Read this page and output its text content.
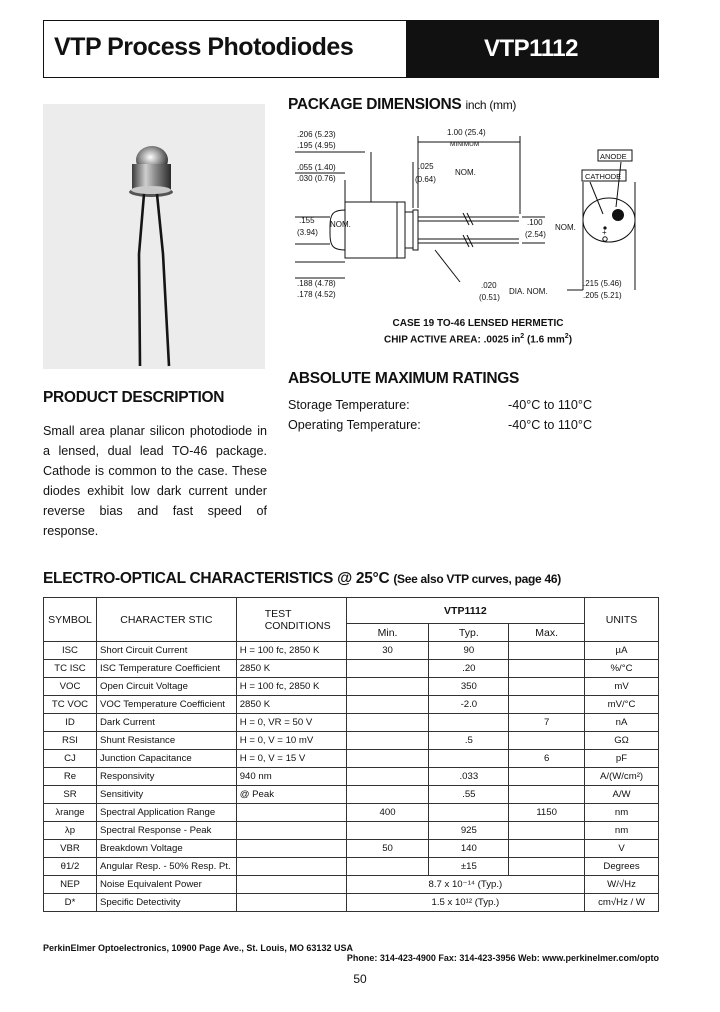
VTP Process Photodiodes	VTP1112
PACKAGE DIMENSIONS inch (mm)
.206 (5.23)
.195 (4.95)
1.00 (25.4)
MINIMUM
.055 (1.40)
.030 (0.76)
.025
(0.64)
NOM.
.155
(3.94)
NOM.	.100
(2.54)
NOM.
.188 (4.78)
.178 (4.52)
.020
(0.51)
DIA. NOM.
.215 (5.46)
.205 (5.21)
ANODE
CATHODE
+
CASE 19 TO-46 LENSED HERMETIC
CHIP ACTIVE AREA: .0025 $in^2$ (1.6 $mm^2$)
ABSOLUTE MAXIMUM RATINGS
Storage Temperature:	-40°C to 110°C
Operating Temperature:	-40°C to 110°C
PRODUCT DESCRIPTION
Small area planar silicon photodiode in a lensed, dual lead TO-46 package. Cathode is common to the case. These diodes exhibit low dark current under reverse bias and fast speed of response.
ELECTRO-OPTICAL CHARACTERISTICS @ 25°C (See also VTP curves, page 46)
SYMBOL	CHARACTER STIC	TEST CONDITIONS	VTP1112			UNITS
			Min.	Typ.	Max.	
ISC	Short Circuit Current	H = 100 fc, 2850 K	30	90		µA
TC ISC	ISC Temperature Coefficient	2850 K		.20		%/°C
VOC	Open Circuit Voltage	H = 100 fc, 2850 K		350		mV
TC VOC	VOC Temperature Coefficient	2850 K		-2.0		mV/°C
ID	Dark Current	H = 0, VR = 50 V			7	nA
RSI	Shunt Resistance	H = 0, V = 10 mV		.5		GΩ
CJ	Junction Capacitance	H = 0, V = 15 V			6	pF
Re	Responsivity	940 nm		.033		A/(W/cm²)
SR	Sensitivity	@ Peak		.55		A/W
λrange	Spectral Application Range		400		1150	nm
λp	Spectral Response - Peak			925		nm
VBR	Breakdown Voltage		50	140		V
θ1/2	Angular Resp. - 50% Resp. Pt.			±15		Degrees
NEP	Noise Equivalent Power		8.7 x 10⁻¹⁴ (Typ.)			W/√Hz
D*	Specific Detectivity		1.5 x 10¹² (Typ.)			cm√Hz / W
PerkinElmer Optoelectronics, 10900 Page Ave., St. Louis, MO 63132 USA
Phone: 314-423-4900 Fax: 314-423-3956 Web: www.perkinelmer.com/opto
50
